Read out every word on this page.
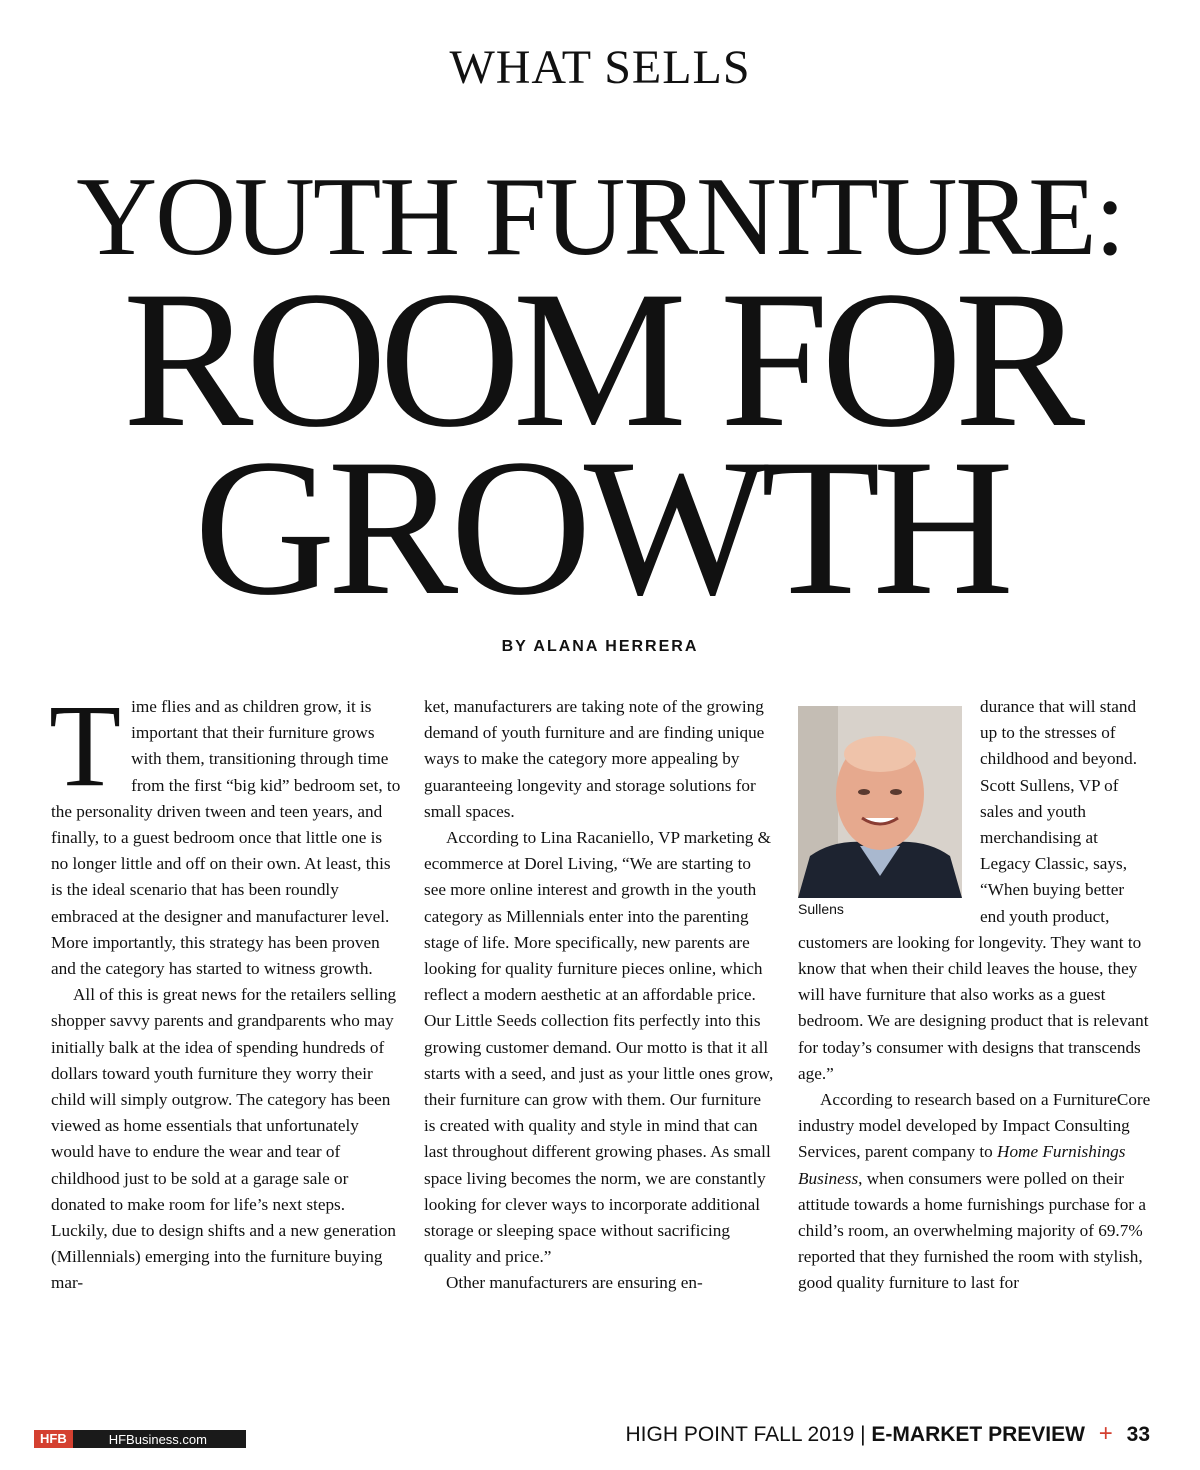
WHAT SELLS
YOUTH FURNITURE:
ROOM FOR
GROWTH
BY ALANA HERRERA

Time flies and as children grow, it is important that their furniture grows with them, transitioning through time from the first “big kid” bedroom set, to the personality driven tween and teen years, and finally, to a guest bedroom once that little one is no longer little and off on their own. At least, this is the ideal scenario that has been roundly embraced at the designer and manufacturer level. More importantly, this strategy has been proven and the category has started to witness growth.

All of this is great news for the retailers selling shopper savvy parents and grandparents who may initially balk at the idea of spending hundreds of dollars toward youth furniture they worry their child will simply outgrow. The category has been viewed as home essentials that unfortunately would have to endure the wear and tear of childhood just to be sold at a garage sale or donated to make room for life’s next steps. Luckily, due to design shifts and a new generation (Millennials) emerging into the furniture buying mar-

ket, manufacturers are taking note of the growing demand of youth furniture and are finding unique ways to make the category more appealing by guaranteeing longevity and storage solutions for small spaces.

According to Lina Racaniello, VP marketing & ecommerce at Dorel Living, “We are starting to see more online interest and growth in the youth category as Millennials enter into the parenting stage of life. More specifically, new parents are looking for quality furniture pieces online, which reflect a modern aesthetic at an affordable price. Our Little Seeds collection fits perfectly into this growing customer demand. Our motto is that it all starts with a seed, and just as your little ones grow, their furniture can grow with them. Our furniture is created with quality and style in mind that can last throughout different growing phases. As small space living becomes the norm, we are constantly looking for clever ways to incorporate additional storage or sleeping space without sacrificing quality and price.”

Other manufacturers are ensuring en-

Sullens

durance that will stand up to the stresses of childhood and beyond. Scott Sullens, VP of sales and youth merchandising at Legacy Classic, says, “When buying better end youth product, customers are looking for longevity. They want to know that when their child leaves the house, they will have furniture that also works as a guest bedroom. We are designing product that is relevant for today’s consumer with designs that transcends age.”

According to research based on a FurnitureCore industry model developed by Impact Consulting Services, parent company to Home Furnishings Business, when consumers were polled on their attitude towards a home furnishings purchase for a child’s room, an overwhelming majority of 69.7% reported that they furnished the room with stylish, good quality furniture to last for

HFB	HFBusiness.com	HIGH POINT FALL 2019 | E-MARKET PREVIEW + 33
